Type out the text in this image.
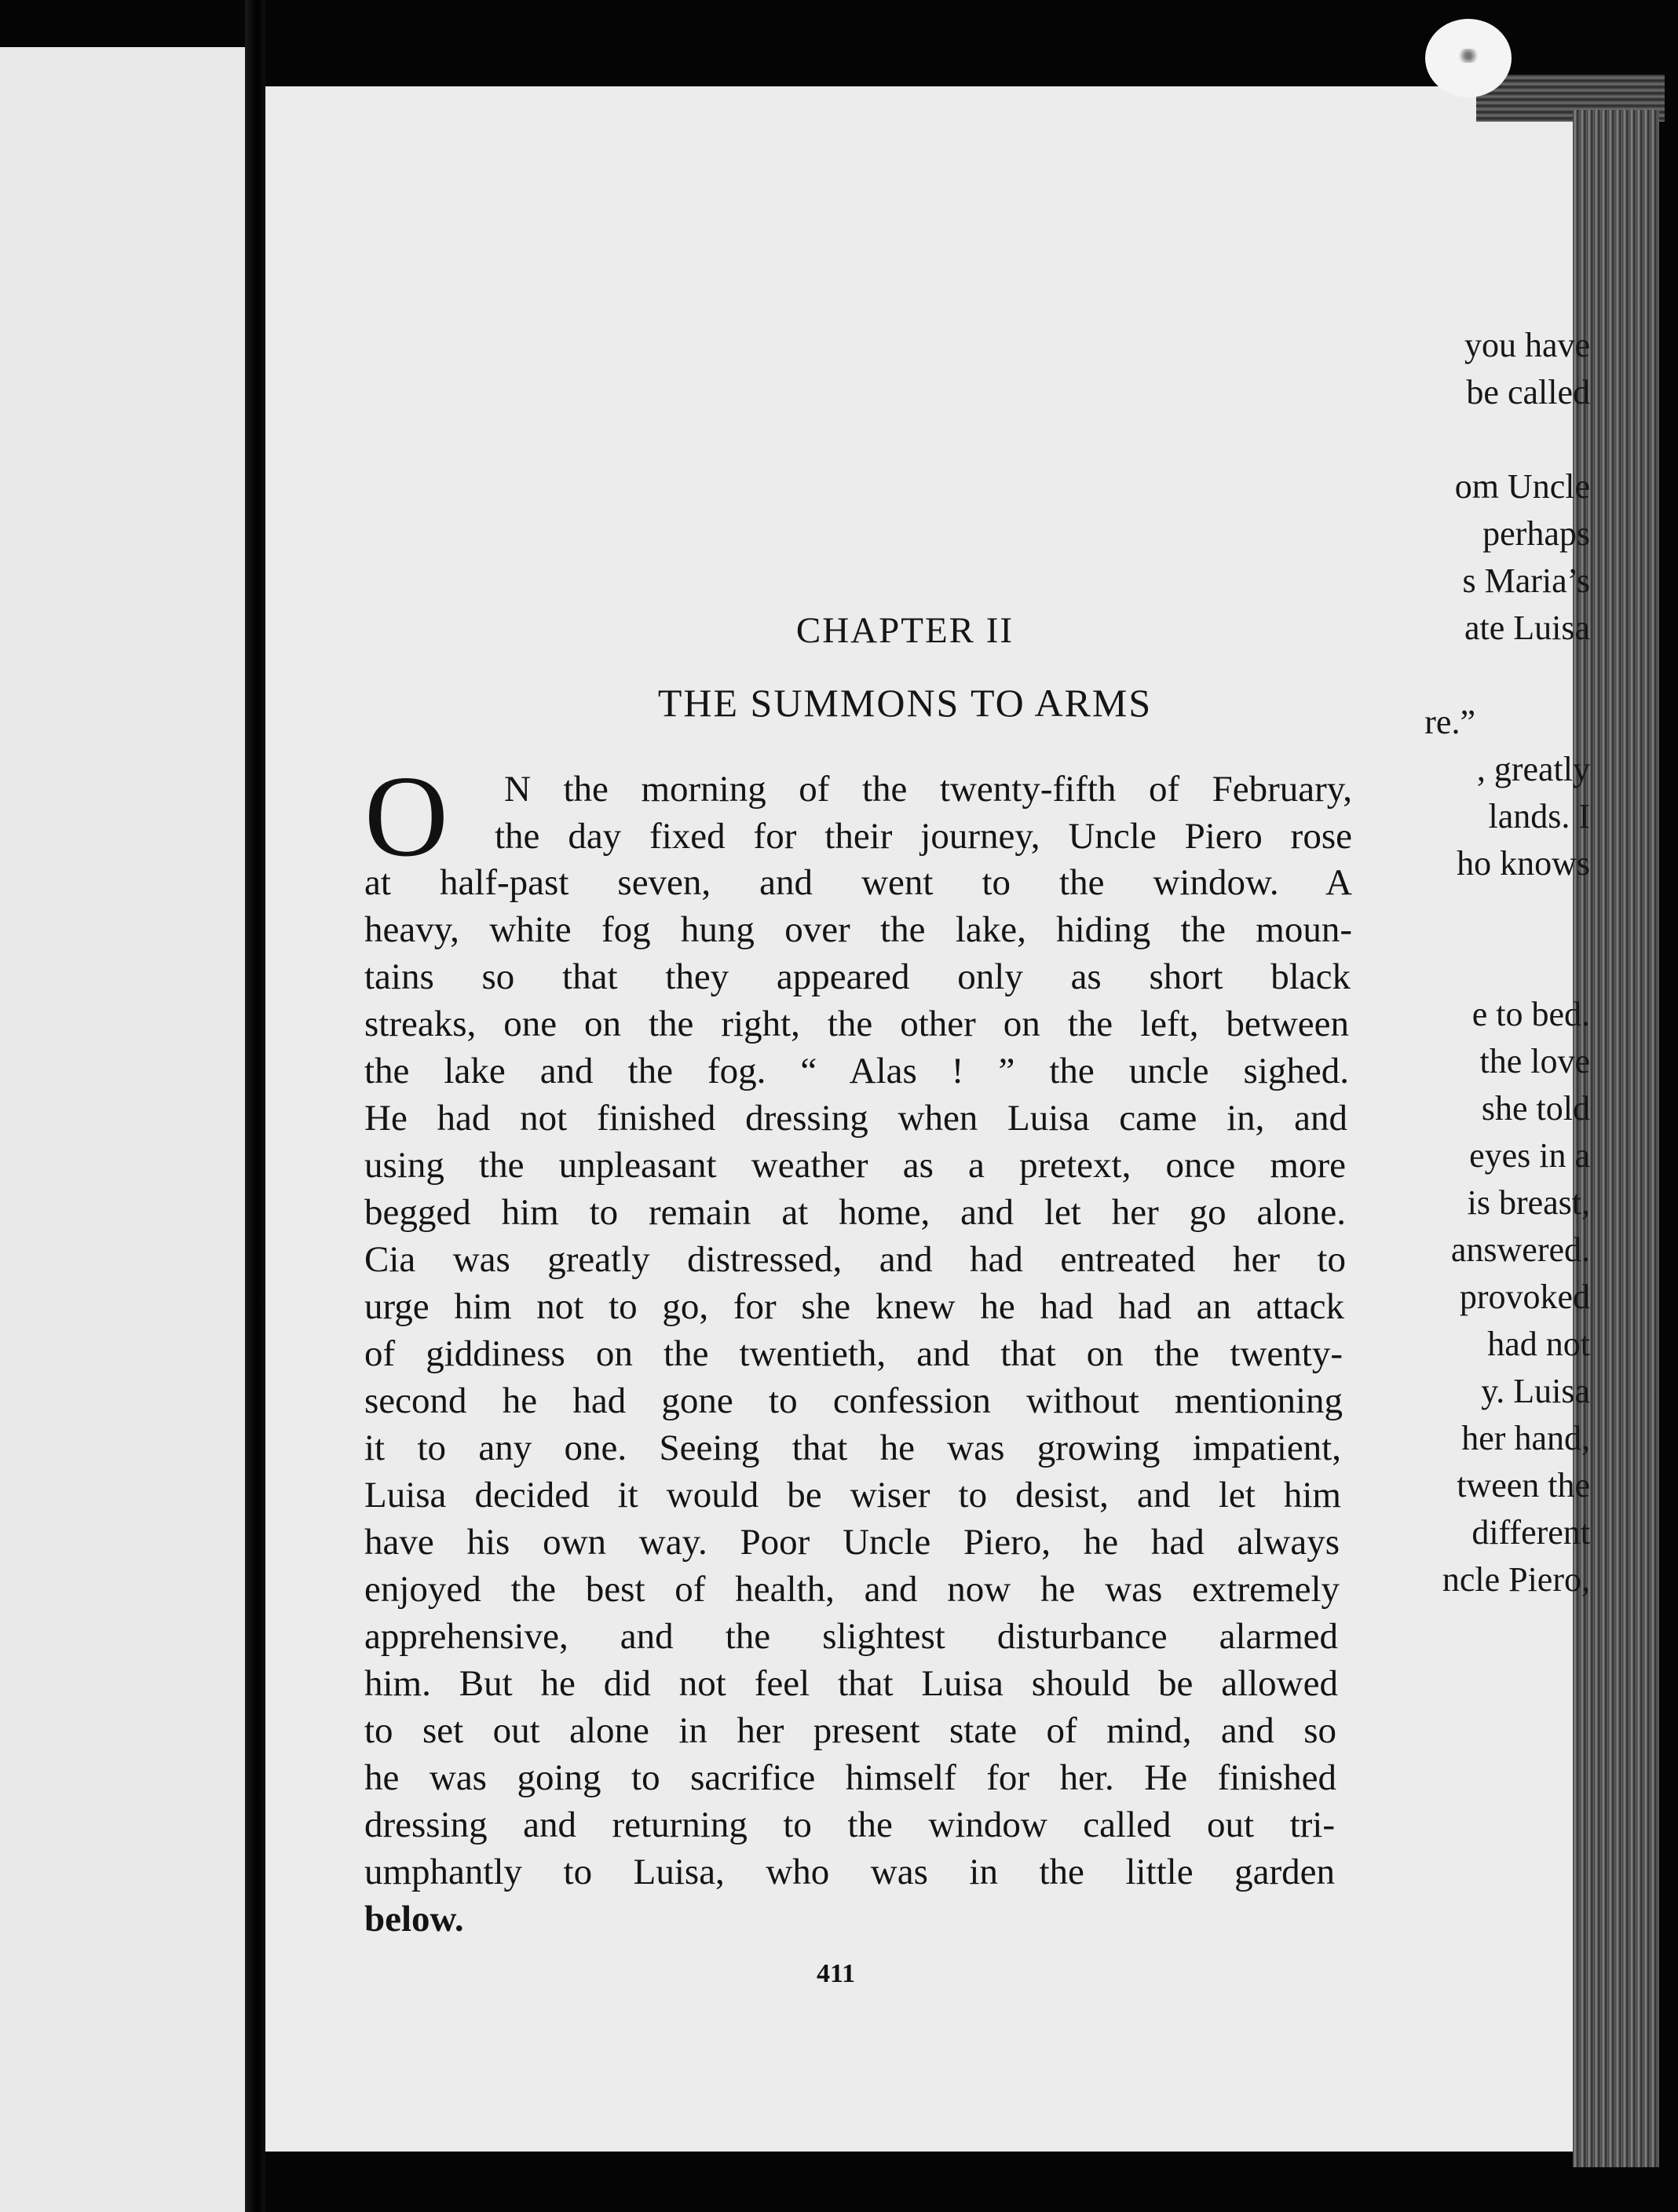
you have
be called
om Uncle
perhaps
s Maria’s
ate Luisa
re.”
, greatly
lands. I
ho knows
e to bed.
the love
she told
eyes in a
is breast,
answered.
provoked
had not
y. Luisa
her hand,
tween the
different
ncle Piero,
CHAPTER II
THE SUMMONS TO ARMS
O N the morning of the twenty-fifth of February,
the day fixed for their journey, Uncle Piero rose
at half-past seven, and went to the window. A
heavy, white fog hung over the lake, hiding the moun-
tains so that they appeared only as short black
streaks, one on the right, the other on the left, between
the lake and the fog. “ Alas ! ” the uncle sighed.
He had not finished dressing when Luisa came in, and
using the unpleasant weather as a pretext, once more
begged him to remain at home, and let her go alone.
Cia was greatly distressed, and had entreated her to
urge him not to go, for she knew he had had an attack
of giddiness on the twentieth, and that on the twenty-
second he had gone to confession without mentioning
it to any one. Seeing that he was growing impatient,
Luisa decided it would be wiser to desist, and let him
have his own way. Poor Uncle Piero, he had always
enjoyed the best of health, and now he was extremely
apprehensive, and the slightest disturbance alarmed
him. But he did not feel that Luisa should be allowed
to set out alone in her present state of mind, and so
he was going to sacrifice himself for her. He finished
dressing and returning to the window called out tri-
umphantly to Luisa, who was in the little garden
below.
411
